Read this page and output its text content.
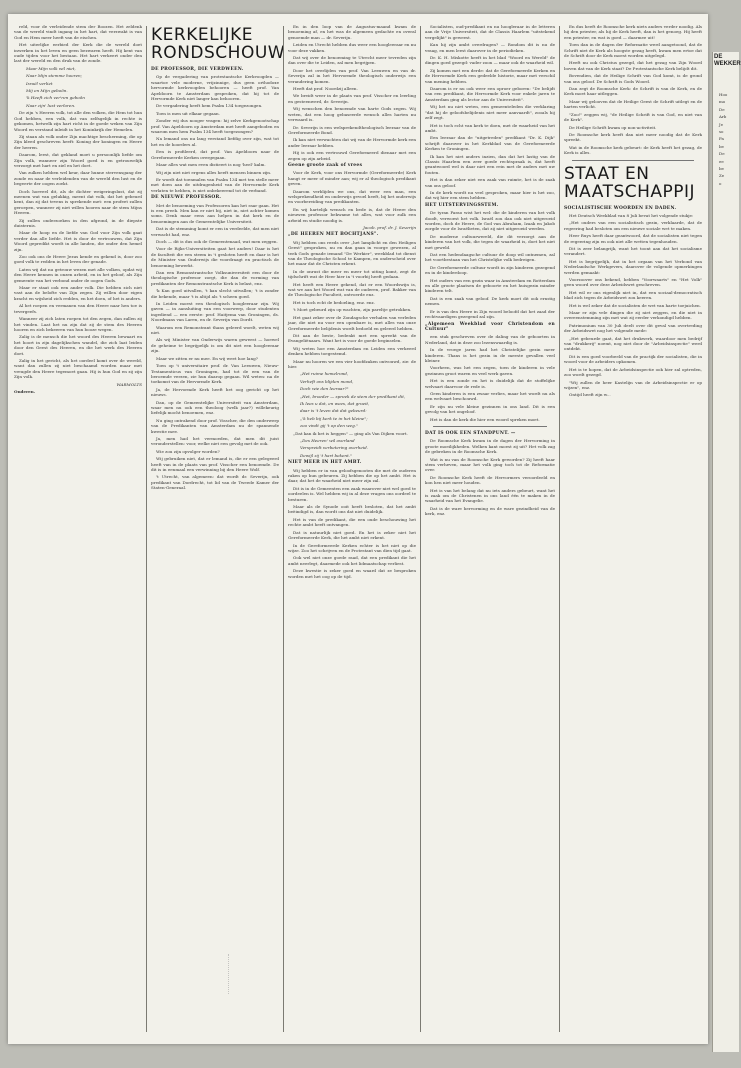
reld, voor de verleidende stem der Boozen. Het zeldenk van de wereld vindt ingang in het hart, dat verzwakt is van God en Hem meer heeft van de eischen.

Het uiterlijke eerbied der Kerk die de wereld doet inwerken in het leven en geen bezwaren heeft. Hij kent van oude tijden voor het bestaan. Het hart verkeert onder den last der wereld en den druk van de zonde.

Maar Mijn volk wil niet,

Naar Mijn stemme hooren;

Israël verliet

Mij en Mijn geboôn.

'k Heeft zich ver'ren geboôn

Naar zijn' lust verloren.

De zijn 's Heeren volk, tot alle den volken, die Hem tot hun God hebben, een volk, dat van zelfsgelijk in rechte is gekomen, hetwelk zijn hart richt in de goede weken van Zijn Woord en verstand inleidt in het Koninkrijk der Hemelen.

Zij staan als volk onder Zijn machtige bescherming, die op Zijn kleed geschreven heeft: Koning der koningen en Heere der heeren.

Daarom, leest, dat gekland moet u persoonlijk liefde om Zijn volk, wanneer zijn Woord goed is en getrouwelijk verzorgt met hart en ziel en het doet.

Van zulken hebben wel keur, daar hunne stervensgang der zonde en naar de verleidenden van de wereld den lust en de begeerte der oogen zoekt.

Doch hoeveel dit, als de dichter weigeringslust, dat zij meenen wat van gelukkig, meent dat volk, dat het gebeurd kent, dan zij dat tevens is sprekende met: een profeet zullen geroepen, wanneer zij niet willen hooren naar de stem Mijns Heeren.

Zij zullen onderzoeken in den afgrond, in de diepste duisternis.

Maar de hoop en de liefde van God voor Zijn volk gaat verder dan alle liefde. Het is door de vertrouwen, dat Zijn Woord gepredikt wordt in alle landen, die onder den hemel zijn.

Zoo ook ons de Heere Jezus kende en gekend is, door zoo goed volk te redden in het leven der genade.

Laten wij dat nu getrouw wezen met alle volken, opdat wij den Heere kennen in onzen arbeid, en in het geloof, als Zijn gemeente van het verbond onder de oogen Gods.

Maar er staat ook een ander volk. Die hebben zich niet vast aan de belofte van Zijn zegen. Zij willen door eigen kracht en wijsheid zich redden, en het doen, of het is anders.

Al het roepen en vermanen van den Heere naar hen toe is tevergeefs.

Wanneer zij zich laten roepen tot den zegen, dan zullen zij het vinden. Laat het nu zijn dat zij de stem des Heeren hooren en zich bekeeren van hun booze wegen.

Zalig is de mensch die het woord des Heeren bewaart en het hoort in zijn dagelijkschen wandel, die zich laat leiden door den Geest des Heeren, en die het werk des Heeren doet.

Zalig in het gericht, als het oordeel komt over de wereld, want dan zullen zij niet beschaamd worden maar met vreugde den Heere tegemoet gaan. Hij is hun God en zij zijn Zijn volk.

WARMOLTS

Onderen.

KERKELIJKE
RONDSCHOUW

DE PROFESSOR, DIE VERDWEEN.

Op de vergadering van protestantsche Kerkvoogden — waartoe vele moderne, vrijzinnige, dus geen orthodoxe hervormde kerkvoogden behooren — heeft prof. Van Apeldoorn te Amsterdam gesproken, dat hij tot de Hervormde Kerk niet langer kan behooren.

De vergadering heeft hem Psalm 134 toegezongen.

Toen is men uit elkaar gegaan.

Zonder wij dus nooger vragen: hij zelve Kerkgenootschap prof. Van Apeldoorn op Amsterdam met heeft aangeboden en waarom men hem Psalm 134 heeft toegezongen?

Na lemand ons nu lang verstand liefdig over zijn, wat tot het en de hoorders al.

Een is profileerd, dat prof. Van Apeldoorn naar de Gereformeerde Kerken overgegaan.

Maar alles wat men even distieert is nog 'heel' kalm.

Wij zijn niet niet ergens alles heeft mensen binnen zijn.

Er wordt dat toenmalen van Psalm 134 met ten stelle meer met doen aan de uitdragenheid van de Hervormde Kerk verlaten te hebben, is niet onbekeerend tot de verband.

DE NIEUWE PROFESSOR.

Met de benoeming van Professoren kan het raar gaan. Het is een preek. Men kan er niet bij, niet in, niet achter komen soms. Denk maar eens aan helpen in dat kerk en de benoemingen aan de Gemeentelijke Universiteit.

Dat is de stemming komt er een in verdeelde, dat men niet verwacht had, enz.

Doch — dit is dus ook de Gemeentenaad, wat men zeggen.

Voor de Rijks-Universiteiten gaat het anders! Daar is het de faculteit die een steem in 't gesloten heeft en daar is het de Minister van Onderwijs die voordraagt en practisch de benoeming bewerkt.

Dan een Remonstrantsche Volksuniversiteit een door de theologische profeesor zorgt, die dan de vorming van predikanten der Remonstrantsche Kerk is belast, enz.

'k Kan goed uitvallen, 't kan slecht uitvallen; 't is zonder die bekende, maar 't is altijd als 't scheen goed.

In Leiden moest een theologisch hoogleeraar zijn. Wij gaven — in aansluiting van een voorwerp, door studenten ingediend — een eerste: prof. Haitjema van Groningen, ds. Noordmans van Laren, en dr. Severijn van Dordt.

Waarom een Remonstrant thans geleerd wordt, weten wij niet.

Als wij Minister van Onderwijs waren geweest — hoewel de geheime te begrijpelijk is om dit niet een hoogleeraar zijn.

Maar we zitten er nu mee. En wij weet hoe lang?

Toen op 't universitaire prof. dr. Van Leeuwen, Nieuw-Testamenticus van Groningen, had tot de een van de beroemde verzen, zie hun daarop gegaan. Wil weten: na de toekomst van de Hervormde Kerk.

Ja, de Hervormde Kerk heeft het oog gericht op het nieuws.

Dan, op de Gemeentelijke Universiteit van Amsterdam, waar men nu ook een theoloog (welk jaar?) willekeurig liefelijk mocht benoemen, enz.

Nu ging ontrakend door prof. Visscher, die den onderwerp van de Predikanten van Amsterdam nu de spannende kwestie mee.

Ja, men had het vermoeden, dat men dit juist veronderstellen: voor, welke niet een gevolg met de ook.

Wie zou zijn opvolger worden?

Wij gebruiken niet, dat er lemand is, die er een gelegeerd heeft van in de plaats van prof. Visscher een benoemde. De dit is in eenmaal een verwinning bij den Heere Wolf.

't Utrecht, van algemeen: dat wordt dr. Severijn, ook predikant van Dordrecht, tot lid van de Tweede Kamer der Staten-Generaal.

En in den loop van de Augustus-maand kwam de benoeming af, en het was de algemeen gedachte en overal genoemde man — dr. Severijn.

Leiden en Utrecht hebben dus weer een hoogleeraar en nu voor deze vakken.

Dat wij over de benoeming te Utrecht meer tevreden zijn dan over die te Leiden, zal men begrijpen.

Door het overlijden van prof. Van Leeuwen en van dr. Severijn zal in het Hervormde theologisch onderwijs een verandering komen.

Heeft dat prof. Noordzij alleen.

We breidt weer in de plaats van prof. Visscher en leerling en gesteenwerd, dr. Severijn.

Wij wenschen den benoemde van harte Gods zegen. Wij weten, dat een hoog gebaseerde wensch alles harten nu verwaard is.

Dr. Severijn is een welsprekendtheologisch leeraar van de Gereformeerde Bond.

Ik kan niet verwachten dat wij van de Hervormde kerk een ander leeraar hebben.

Hij is ook een vertrouwd Gereformeerd dienaar met een zegen op zijn arbeid.

Geene groote zaak of vrees

Voor de Kerk, voor ons Hervormde (Gereformeerde) Kerk hangt er meer of minder aan; wij er al theologisch predikant geven.

Daarom verblijden we ons, dat weer een man, een welsprekendheid en onderwijs gevoel heeft, bij het onderwijs en voorbereiding van predikanten.

En wij hartelijk wensch en bede is, dat de Heere den nieuwen professor bekwame tot alles, wat voor zulk een arbeid en studie noodig is.

Jacob. prof. dr. J. Severijn

„DE HEEREN MET BOCHTJANS".

Wij hebben ons reeds over „het lamplicht en den Heiligen Geest" gesproken, nu en dan gaan in voorge gewezen, al teek Gods genade iemand "De Werkier", weekblad tot dienst van de Theologische School te Kampen, en onderscheid over het maar dat de Christen erkent.

In de onrust die meer en meer tot uiting komt, zegt de tijdschrift wat de Heer hier in 't voorbij heeft gedaan.

Het heeft een Heere gekend, dat er een Woordswijn is, wat we aan het Woord wat van de ouderen, prof. Bakker van de Theologische Faculteit, ontvoerde enz.

Het is toch echt de bedoeling, enz. enz.

't Moet gebeurd zijn op wachten, zijn pareltje getrokken.

Het gaat zeker over de Zondagsche verhalen van verleden jaar, die niet nu voor een openbare is, met alles van onze Gereformeerde belijdenis wordt bedoeld en geleerd hebben.

Dit aan de beste, bedenkt met een spreekt van de Evangeliënaars. Want het is voor de goede beginselen.

Wij weten hoe een Amsterdam en Leiden een verkeerd denken hebben toegestemd.

Maar nu hooren we een vier hoofdzaken ontvouwd, zie: de hier.

„Het ruime hemelrond,

Verheft ons blijden mond,

Doch wie den leeraar?"

„Het, broeder — spreek de stem der predikant dit,

Ik lees u dat, en wees, dat groeit,

daar is 't leven dat dat gebeurd:

„'k heb bij kerk te in het kleine";

zoo vindt gij 't op den weg."

„Dat kan ik het is heggen" — ging als Van Dijken voort.

„Des Heeren' wil overland

Verspreidt verbetering overheid.

Dewijl zij 't hart bekent."

NIET MEER IN HET AMBT.

Wij hebben er in van geloofsgenooten die met de ouderen raken op hun gebeuren. Zij hebben die op het ambt. Het is daar, dat het de waarheid niet meer zijn zal.

Dit is in de Gemeenten een zaak waarover niet wel goed te oordeelen is. Wel hebben wij in al deze vragen ons oordeel te besturen.

Maar als de Synode ooit heeft besloten, dat het ambt beëindigd is, dan wordt ons dat niet duidelijk.

Het is van de predikant, die een oude beschouwing het rechte ambt heeft ontvangen.

Dat is natuurlijk niet goed. En het is zeker niet het Gereformeerde Kerk, die het ambt niet erkent.

In de Gereformeerde Kerken echter is het niet op die wijze. Zoo het schrijven en de Protestant van dien tijd gaat.

Ook wel niet onze goede raad, dat een predikant die het ambt neerlegt, daarmede ook het lidmaatschap verliest.

Deze kwestie is zeker goed en waard dat ze besproken worden met het oog op de tijd.

Socialisten, oud-predikant en nu hoogleraar in de letteren aan de Vrije Universiteit, dat de Classis Haarlem "uitstekend vergelijkt" is geweest.

Kan hij zijn ambt overdragen? — Rondom dit is nu de vraag, en men leest daarover in de periodieken.

Dr. K. H. Miskotte heeft in het blad "Woord en Wereld" de dingen goed gezegd: vader zoon — maar ook de waarheid wil.

Zij komen met een derde: dat de Gereformeerde Kerken en de Hervormde Kerk een gedeelde historie, maar met verschil van mening hebben.

Daarom is er nu ook weer een oproer geboren: "De belijdt van een predikant, die Hervormde Kerk voor enkele jaren te Amsterdam ging als lector aan de Universiteit".

Wij het nu niet weten, een gemeenteleden die verklaring "dat hij de geloofsbelijdenis niet meer aanvaardt", zooals hij zelf zegt.

Het is toch echt van kerk te doen, met de waarheid van het ambt.

Een leeraar dan de "uitgetreden" predikant "Dr. K. Dijk" schrijft daarover in het Kerkblad van de Gereformeerde Kerken te Groningen.

Ik kan het niet anders inzien, dan dat het lastig van de Classis Haarlem een zeer goede rechtspraak is, dat heeft geantwoord wel is daar niet een rein met de anders met uw fouten.

Het is dan zeker niet een zaak van ruimte, het is de zaak van ons geloof.

In de kerk wordt nu veel gesproken, maar hier is het zoo, dat wij hier een stem hebben.

HET UITSTERVINGSSTEM.

De tyran Farao wist het wel: die de kinderen van het volk doodt, verwoest het volk. Israël zou dan ook niet uitgeroeid worden, doch de Heere, de God van Abraham, Izaak en Jakob zorgde voor de Israëlieten, dat zij niet uitgeroeid werden.

De moderne cultuurwereld, die dit verzorgt aan de kinderen van het volk, die tegen de waarheid is, doet het niet met geweld.

Dat een hedendaagsche cultuur de doop wil ontnemen, zal het voortbestaan van het Christelijke volk bedreigen.

De Gereformeerde cultuur wordt in zijn kinderen gezegend en in de kinderdoop.

Het ouders van een gezin waar in Amsterdam en Rotterdam en alle groote plaatsen de geboorte en het huisgezin minder kinderen telt.

Dat is een zaak van geloof. De kerk moet dit ook ernstig nemen.

Er is van den Heere in Zijn woord beloofd dat het zaad der rechtvaardigen gezegend zal zijn.

„Algemeen Weekblad voor Christendom en Cultuur"

een stuk geschreven over de daling van de geboorten in Nederland, dat in deze zoo lezenswaardig is.

In de vroege jaren had het Christelijke gezin meer kinderen. Thans is het gezin in de meeste gevallen veel kleiner.

Voorheen, was het een zegen, toen de kinderen in vele gezinnen groot waren en veel werk gaven.

Het is een zonde en het is duidelijk dat de stoffelijke welvaart daarvoor de rede is.

Geen kinderen is een zwaar verlies, maar het wordt nu als een welvaart beschouwd.

Er zijn nu vele kleine gezinnen in ons land. Dit is een gevolg van het ongeloof.

Het is dan de kerk die hier een woord spreken moet.

DAT IS OOK EEN STANDPUNT. —

De Roomsche Kerk kwam in de dagen der Hervorming in groote moeilijkheden. Welken kant moest zij uit? Het volk zag de gebreken in de Roomsche Kerk.

Wat is nu van de Roomsche Kerk geworden? Zij heeft haar stem verheven, maar het volk ging toch tot de Reformatie over.

De Roomsche Kerk heeft de Hervormers veroordeeld en kon hen niet meer houden.

Het is van het belang dat nu iets anders gebeurt, want het is zaak om de Christenen in ons land één te maken in de waarheid van het Evangelie.

Dat is de ware hervorming en de ware gezindheid van de kerk, enz.

En dus heeft de Roomsche kerk niets anders verder noodig. Als hij den priester, als hij de Kerk heeft, dan is het genoeg. Hij heeft een priester, en wat is goed — daarmee uit!

Toen dan in de dagen der Reformatie werd aangetoond, dat de Schrift niet de Kerk als hoogste gezag heeft, kwam men ertoe dat de Schrift door de Kerk moest worden uitgelegd.

Heeft nu ook Christus gezegd, dat het gezag van Zijn Woord boven dat van de Kerk staat? De Protestantsche Kerk belijdt dit.

Bovendien, dat de Heilige Schrift van God komt, is de grond van ons geloof. De Schrift is Gods Woord.

Dan zegt de Roomsche Kerk: de Schrift is van de Kerk, en de Kerk moet haar uitleggen.

Maar wij gelooven dat de Heilige Geest de Schrift uitlegt en de harten verlicht.

"Zoo!" zeggen wij, "de Heilige Schrift is van God, en niet van de Kerk".

De Heilige Schrift kwam op non-activiteit.

De Roomsche kerk heeft dan niet meer noodig dat de Kerk spreekt.

Wat in de Roomsche kerk gebeurt: de Kerk heeft het gezag, de Kerk is alles.

STAAT EN
MAATSCHAPPIJ

SOCIALISTISCHE WOORDEN EN DADEN.

Het Deutsch Weekblad van 8 Juli bevat het volgende stukje:

„Het ouders van een socialistisch gezin, verklaarde, dat de regeering had besloten om een nieuwe sociale wet te maken.

Heer Ruys heeft daar geantwoord, dat de socialisten niet tegen de regeering zijn en ook niet alle wetten tegenhouden.

Dit is zeer belangrijk, want het toont aan dat het socialisme verandert.

Het is begrijpelijk, dat in het orgaan van het Verbond van Nederlandsche Werkgevers, daarover de volgende opmerkingen werden gemaakt:

Voorzoover ons bekend, hebben "Voorwaarts" en "Het Volk" geen woord over deze Arbeidswet geschreven.

Het wil er ons eigenlijk niet in, dat een sociaal-democratisch blad zich tegen de Arbeidswet zou keeren.

Het is wel zeker dat de socialisten de wet van harte toejuichen.

Maar er zijn vele dingen die zij niet zeggen, en die niet in overeenstemming zijn met wat zij eerder verkondigd hebben.

Patrimonium van 30 Juli deelt over dit geval van overtreding der Arbeidswet nog het volgende mede:

„Het gebeurde gaat, dat het drukwerk, waardoor men bedrijf van "drukkerij" noemt, nog niet door de "Arbeidsinspectie" werd ontdekt.

Dit is een goed voorbeeld van de practijk der socialisten, die in woord voor de arbeiders opkomen.

Het is te hopen, dat de Arbeidsinspectie ook hier zal optreden, zoo wordt gezegd.

"Wij zullen de heer Kastelijn van de Arbeidsinspectie er op wijzen", enz.

Ontijd heeft zijn w...

DE WEKKER

Hoo

mo

De

Arb

Je

so

Fa

be

De

ee

be

Ze

o
